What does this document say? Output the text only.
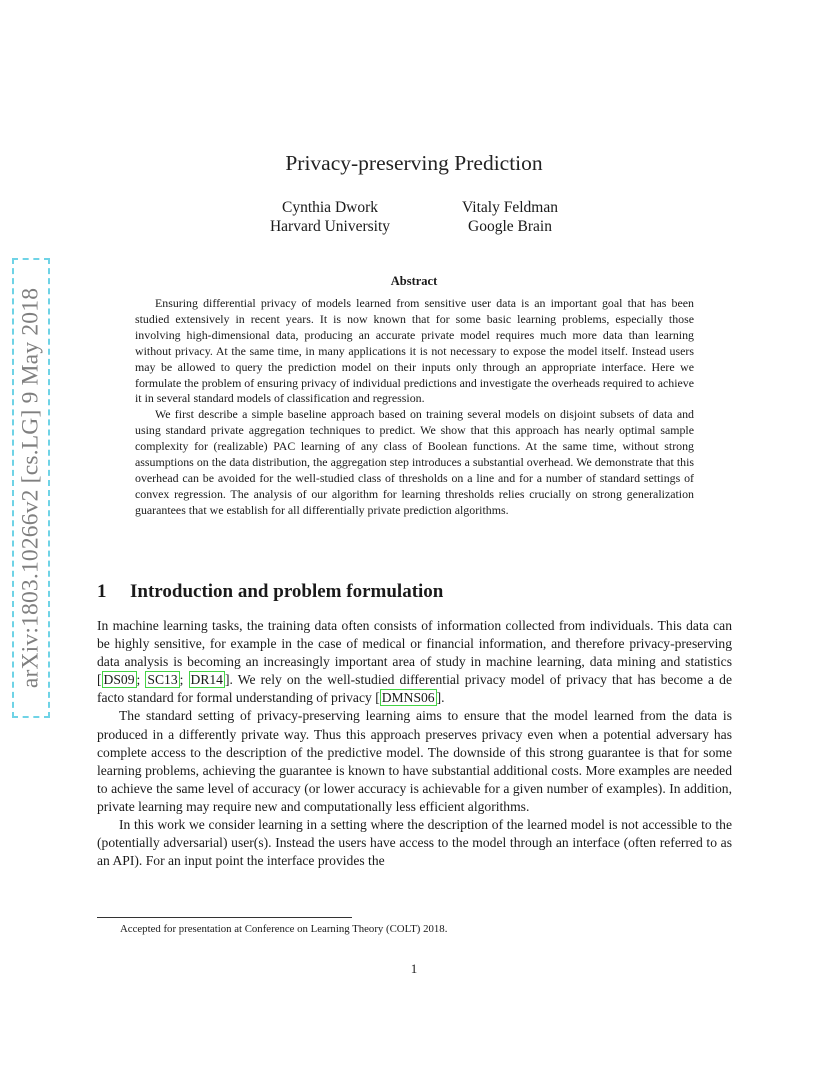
arXiv:1803.10266v2 [cs.LG] 9 May 2018
Privacy-preserving Prediction
Cynthia Dwork
Harvard University
Vitaly Feldman
Google Brain
Abstract

Ensuring differential privacy of models learned from sensitive user data is an important goal that has been studied extensively in recent years. It is now known that for some basic learning problems, especially those involving high-dimensional data, producing an accurate private model requires much more data than learning without privacy. At the same time, in many applications it is not necessary to expose the model itself. Instead users may be allowed to query the prediction model on their inputs only through an appropriate interface. Here we formulate the problem of ensuring privacy of individual predictions and investigate the overheads required to achieve it in several standard models of classification and regression.

We first describe a simple baseline approach based on training several models on disjoint subsets of data and using standard private aggregation techniques to predict. We show that this approach has nearly optimal sample complexity for (realizable) PAC learning of any class of Boolean functions. At the same time, without strong assumptions on the data distribution, the aggregation step introduces a substantial overhead. We demonstrate that this overhead can be avoided for the well-studied class of thresholds on a line and for a number of standard settings of convex regression. The analysis of our algorithm for learning thresholds relies crucially on strong generalization guarantees that we establish for all differentially private prediction algorithms.

1 Introduction and problem formulation

In machine learning tasks, the training data often consists of information collected from individuals. This data can be highly sensitive, for example in the case of medical or financial information, and therefore privacy-preserving data analysis is becoming an increasingly important area of study in machine learning, data mining and statistics [ DS09 ; SC13 ; DR14 ]. We rely on the well-studied differential privacy model of privacy that has become a de facto standard for formal understanding of privacy [ DMNS06 ].

The standard setting of privacy-preserving learning aims to ensure that the model learned from the data is produced in a differently private way. Thus this approach preserves privacy even when a potential adversary has complete access to the description of the predictive model. The downside of this strong guarantee is that for some learning problems, achieving the guarantee is known to have substantial additional costs. More examples are needed to achieve the same level of accuracy (or lower accuracy is achievable for a given number of examples). In addition, private learning may require new and computationally less efficient algorithms.

In this work we consider learning in a setting where the description of the learned model is not accessible to the (potentially adversarial) user(s). Instead the users have access to the model through an interface (often referred to as an API). For an input point the interface provides the

Accepted for presentation at Conference on Learning Theory (COLT) 2018.
1
